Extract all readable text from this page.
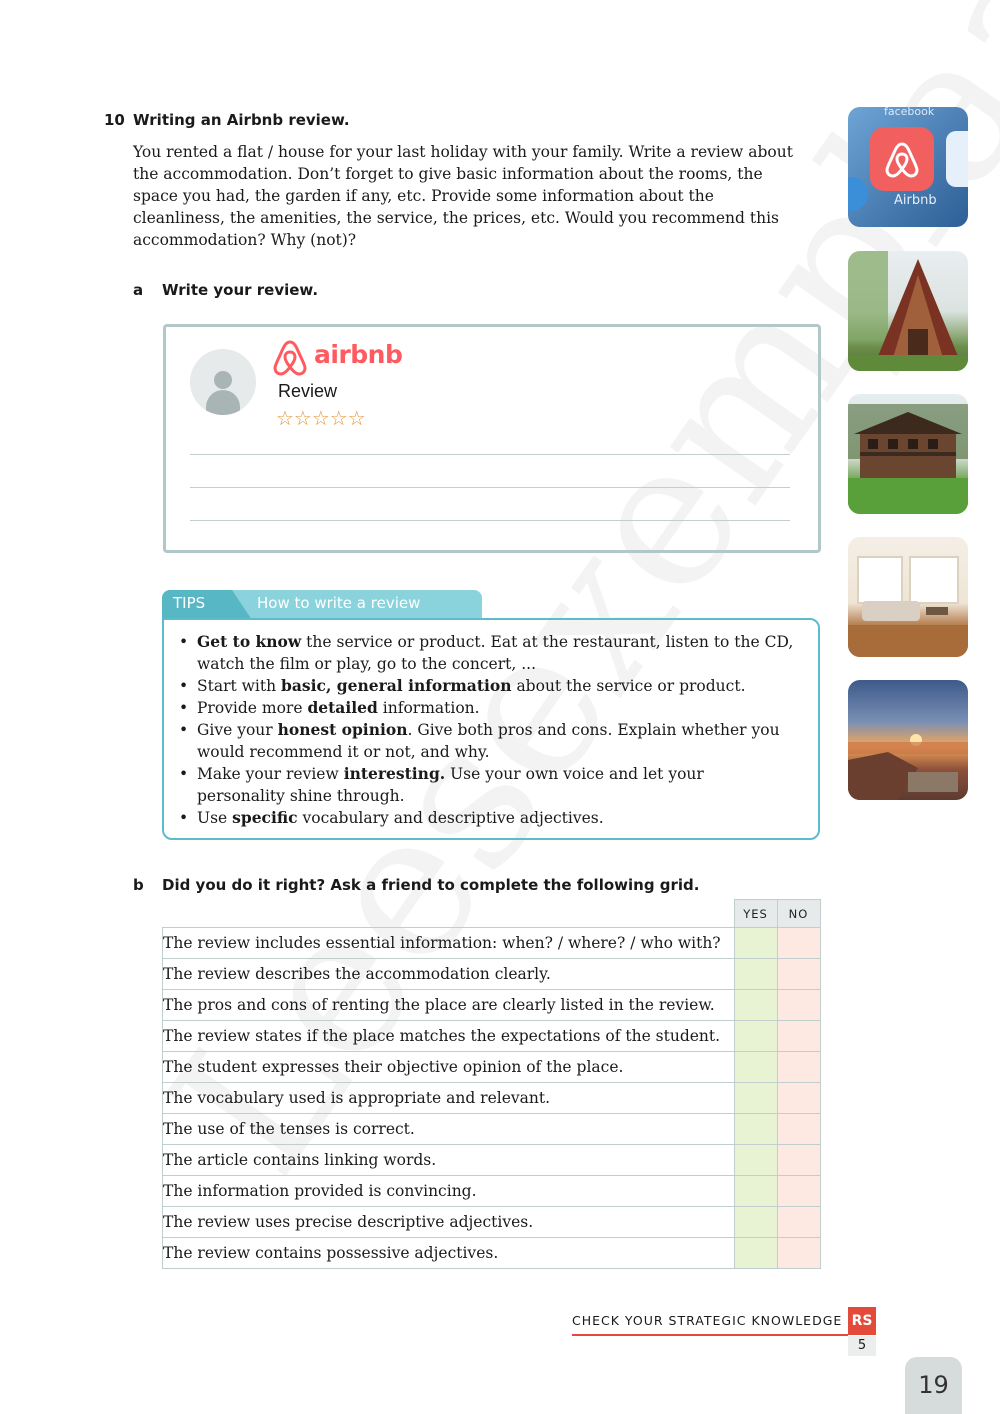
10 Writing an Airbnb review.
You rented a flat / house for your last holiday with your family. Write a review about the accommodation. Don’t forget to give basic information about the rooms, the space you had, the garden if any, etc. Provide some information about the cleanliness, the amenities, the service, the prices, etc. Would you recommend this accommodation? Why (not)?
a Write your review.
airbnb
Review
☆☆☆☆☆
TIPS	How to write a review
• Get to know the service or product. Eat at the restaurant, listen to the CD, watch the film or play, go to the concert, ...
• Start with basic, general information about the service or product.
• Provide more detailed information.
• Give your honest opinion. Give both pros and cons. Explain whether you would recommend it or not, and why.
• Make your review interesting. Use your own voice and let your personality shine through.
• Use specific vocabulary and descriptive adjectives.
b Did you do it right? Ask a friend to complete the following grid.
	YES	NO
The review includes essential information: when? / where? / who with?		
The review describes the accommodation clearly.		
The pros and cons of renting the place are clearly listed in the review.		
The review states if the place matches the expectations of the student.		
The student expresses their objective opinion of the place.		
The vocabulary used is appropriate and relevant.		
The use of the tenses is correct.		
The article contains linking words.		
The information provided is convincing.		
The review uses precise descriptive adjectives.		
The review contains possessive adjectives.		
Airbnb
facebook
CHECK YOUR STRATEGIC KNOWLEDGE RS
5
19
